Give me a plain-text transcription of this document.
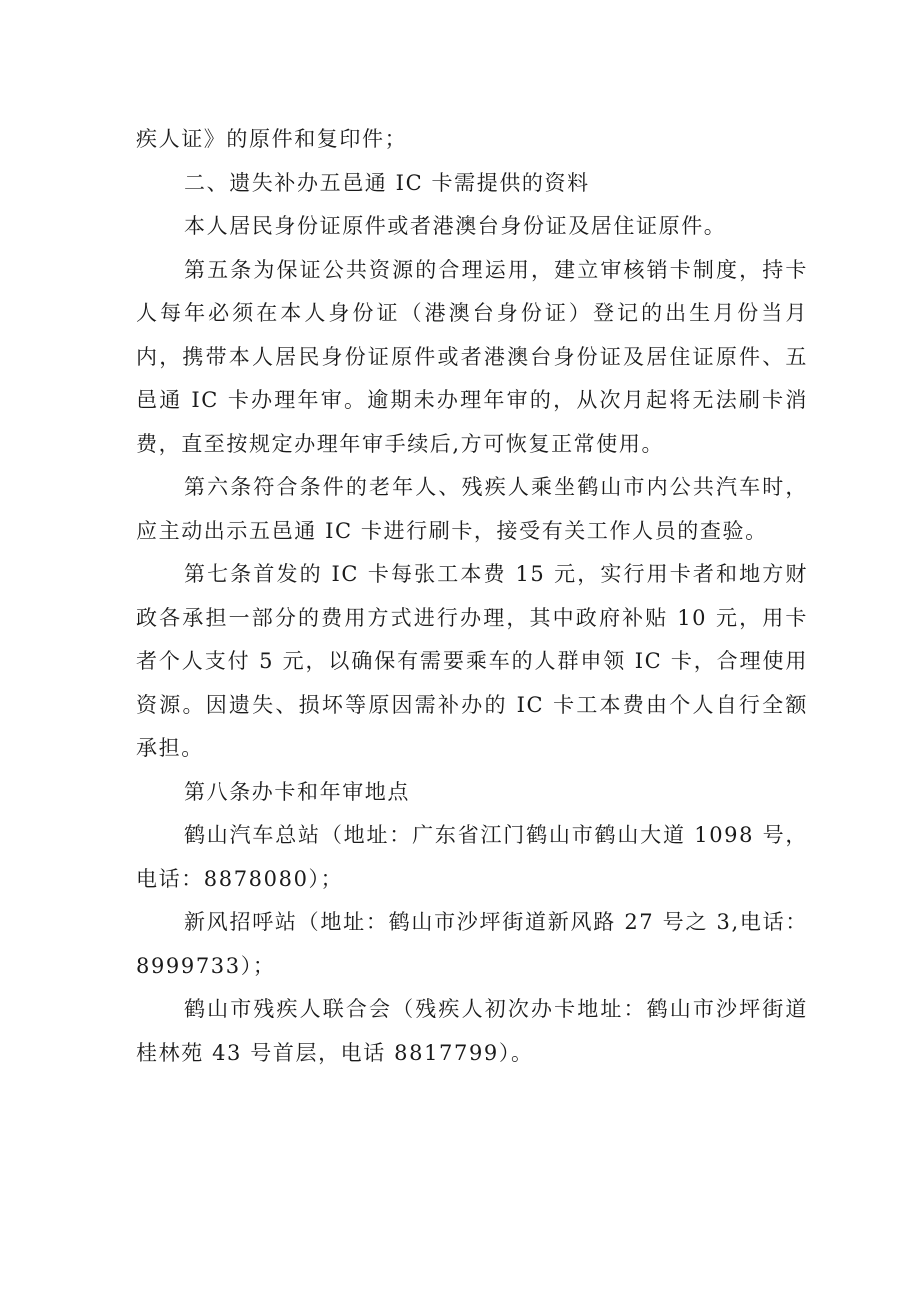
疾人证》的原件和复印件；

二、遗失补办五邑通 IC 卡需提供的资料

本人居民身份证原件或者港澳台身份证及居住证原件。

第五条为保证公共资源的合理运用，建立审核销卡制度，持卡人每年必须在本人身份证（港澳台身份证）登记的出生月份当月内，携带本人居民身份证原件或者港澳台身份证及居住证原件、五邑通 IC 卡办理年审。逾期未办理年审的，从次月起将无法刷卡消费，直至按规定办理年审手续后,方可恢复正常使用。

第六条符合条件的老年人、残疾人乘坐鹤山市内公共汽车时，应主动出示五邑通 IC 卡进行刷卡，接受有关工作人员的查验。

第七条首发的 IC 卡每张工本费 15 元，实行用卡者和地方财政各承担一部分的费用方式进行办理，其中政府补贴 10 元，用卡者个人支付 5 元，以确保有需要乘车的人群申领 IC 卡，合理使用资源。因遗失、损坏等原因需补办的 IC 卡工本费由个人自行全额承担。

第八条办卡和年审地点

鹤山汽车总站（地址：广东省江门鹤山市鹤山大道 1098 号，电话：8878080）；

新风招呼站（地址：鹤山市沙坪街道新风路 27 号之 3,电话：8999733）；

鹤山市残疾人联合会（残疾人初次办卡地址：鹤山市沙坪街道桂林苑 43 号首层，电话 8817799）。
